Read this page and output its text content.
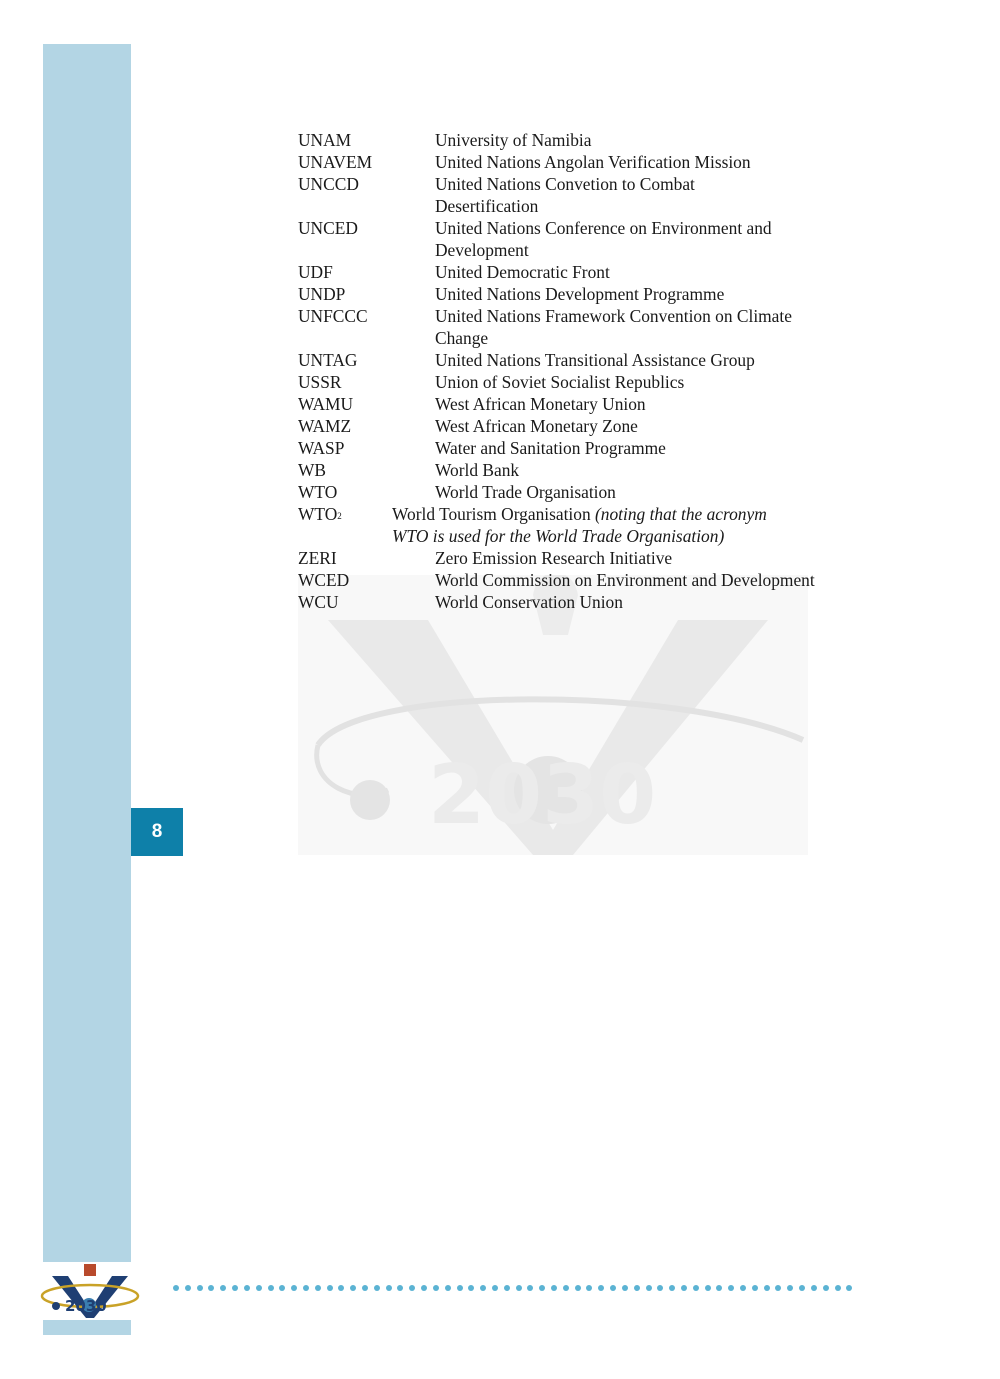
8
2030
2030
UNAM	University of Namibia
UNAVEM	United Nations Angolan Verification Mission
UNCCD	United Nations Convetion to Combat Desertification
UNCED	United Nations Conference on Environment and Development
UDF	United Democratic Front
UNDP	United Nations Development Programme
UNFCCC	United Nations Framework Convention on Climate Change
UNTAG	United Nations Transitional Assistance Group
USSR	Union of Soviet Socialist Republics
WAMU	West African Monetary Union
WAMZ	West African Monetary Zone
WASP	Water and Sanitation Programme
WB	World Bank
WTO	World Trade Organisation
WTO$^2$	World Tourism Organisation (noting that the acronym WTO is used for the World Trade Organisation)
ZERI	Zero Emission Research Initiative
WCED	World Commission on Environment and Development
WCU	World Conservation Union
